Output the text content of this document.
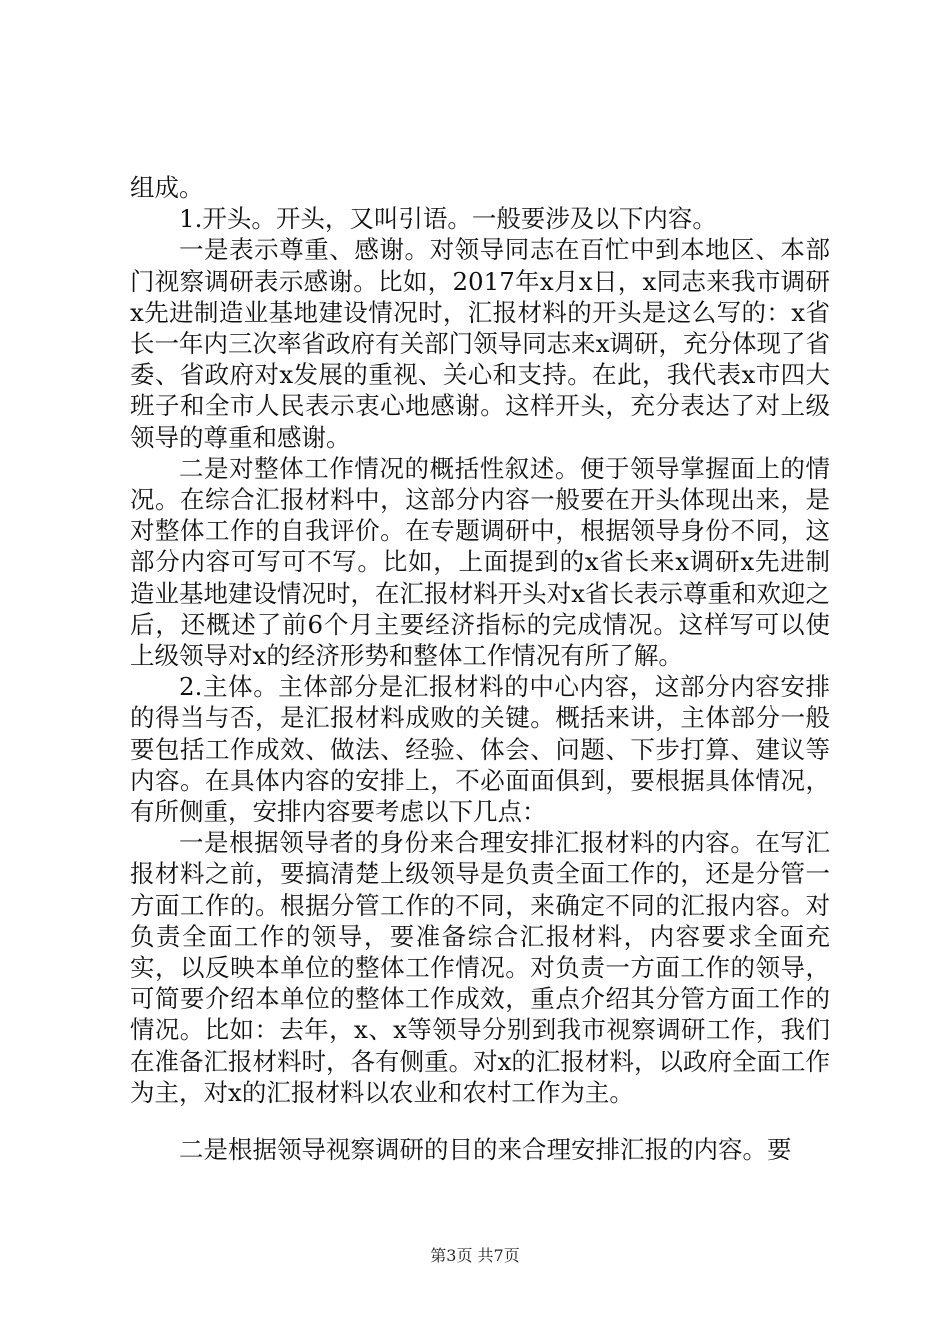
组成。

1.开头。开头，又叫引语。一般要涉及以下内容。

一是表示尊重、感谢。对领导同志在百忙中到本地区、本部门视察调研表示感谢。比如，2017年x月x日，x同志来我市调研x先进制造业基地建设情况时，汇报材料的开头是这么写的：x省长一年内三次率省政府有关部门领导同志来x调研，充分体现了省委、省政府对x发展的重视、关心和支持。在此，我代表x市四大班子和全市人民表示衷心地感谢。这样开头，充分表达了对上级领导的尊重和感谢。

二是对整体工作情况的概括性叙述。便于领导掌握面上的情况。在综合汇报材料中，这部分内容一般要在开头体现出来，是对整体工作的自我评价。在专题调研中，根据领导身份不同，这部分内容可写可不写。比如，上面提到的x省长来x调研x先进制造业基地建设情况时，在汇报材料开头对x省长表示尊重和欢迎之后，还概述了前6个月主要经济指标的完成情况。这样写可以使上级领导对x的经济形势和整体工作情况有所了解。

2.主体。主体部分是汇报材料的中心内容，这部分内容安排的得当与否，是汇报材料成败的关键。概括来讲，主体部分一般要包括工作成效、做法、经验、体会、问题、下步打算、建议等内容。在具体内容的安排上，不必面面俱到，要根据具体情况，有所侧重，安排内容要考虑以下几点：

一是根据领导者的身份来合理安排汇报材料的内容。在写汇报材料之前，要搞清楚上级领导是负责全面工作的，还是分管一方面工作的。根据分管工作的不同，来确定不同的汇报内容。对负责全面工作的领导，要准备综合汇报材料，内容要求全面充实，以反映本单位的整体工作情况。对负责一方面工作的领导，可简要介绍本单位的整体工作成效，重点介绍其分管方面工作的情况。比如：去年，x、x等领导分别到我市视察调研工作，我们在准备汇报材料时，各有侧重。对x的汇报材料，以政府全面工作为主，对x的汇报材料以农业和农村工作为主。

二是根据领导视察调研的目的来合理安排汇报的内容。要

第3页 共7页
